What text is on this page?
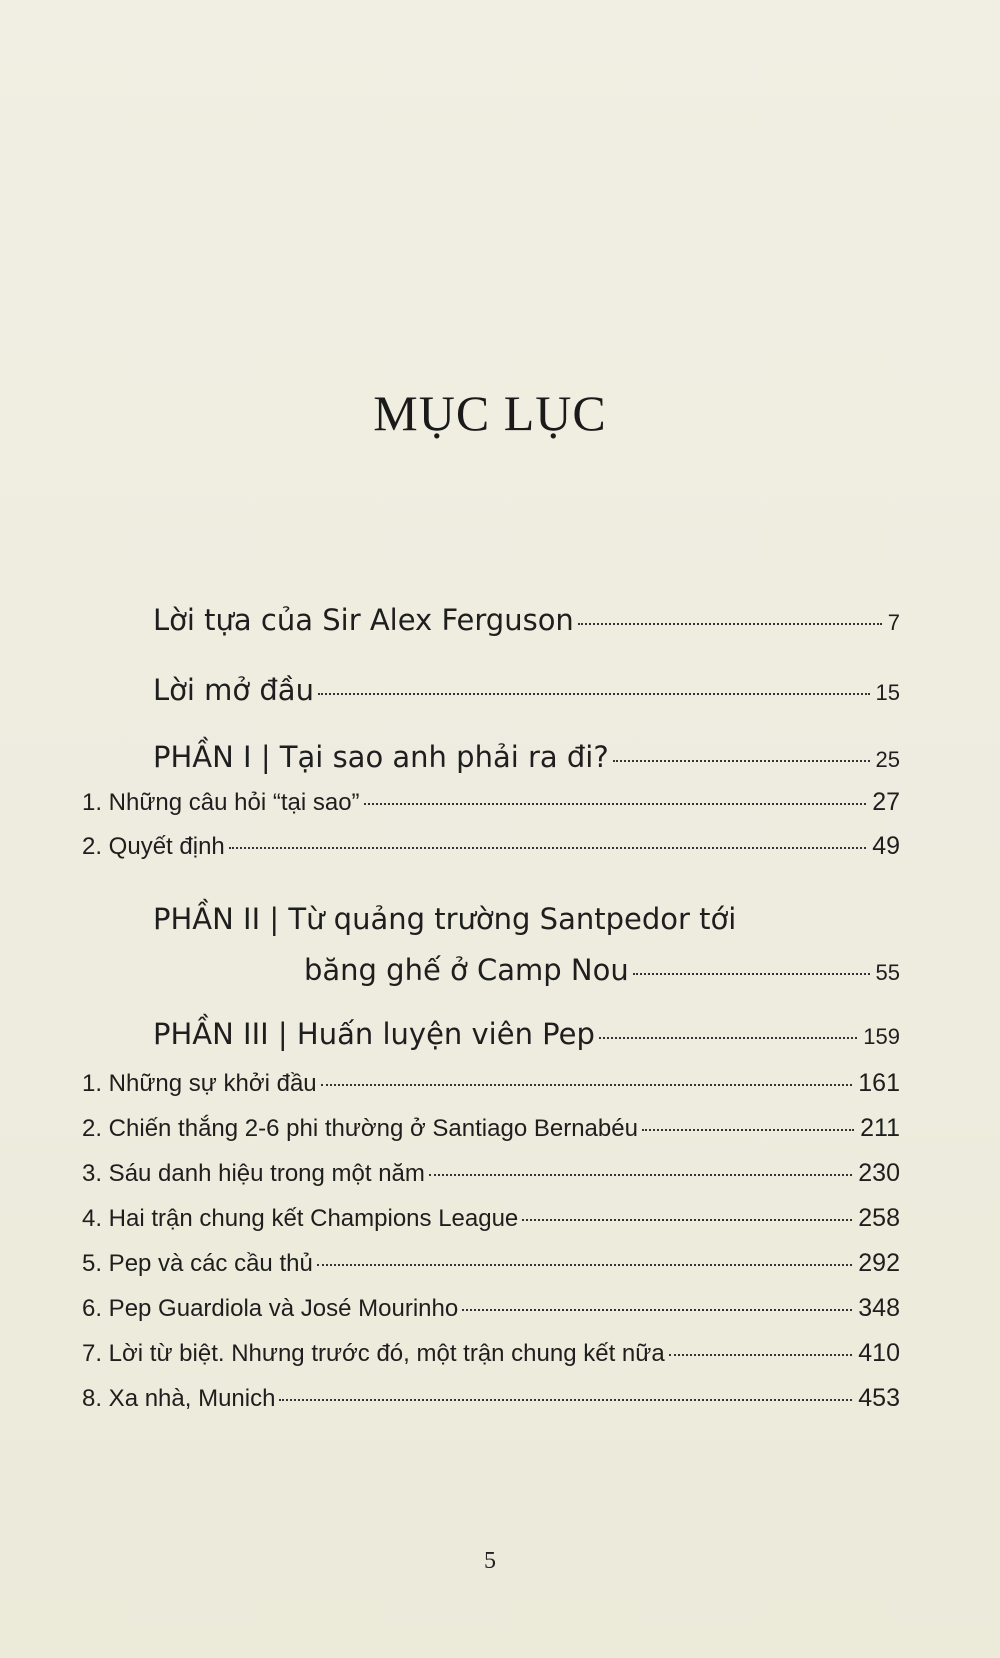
MỤC LỤC
Lời tựa của Sir Alex Ferguson	7
Lời mở đầu	15
PHẦN I | Tại sao anh phải ra đi?	25
1. Những câu hỏi “tại sao”	27
2. Quyết định	49
PHẦN II | Từ quảng trường Santpedor tới
băng ghế ở Camp Nou	55
PHẦN III | Huấn luyện viên Pep	159
1. Những sự khởi đầu	161
2. Chiến thắng 2-6 phi thường ở Santiago Bernabéu	211
3. Sáu danh hiệu trong một năm	230
4. Hai trận chung kết Champions League	258
5. Pep và các cầu thủ	292
6. Pep Guardiola và José Mourinho	348
7. Lời từ biệt. Nhưng trước đó, một trận chung kết nữa	410
8. Xa nhà, Munich	453
5
